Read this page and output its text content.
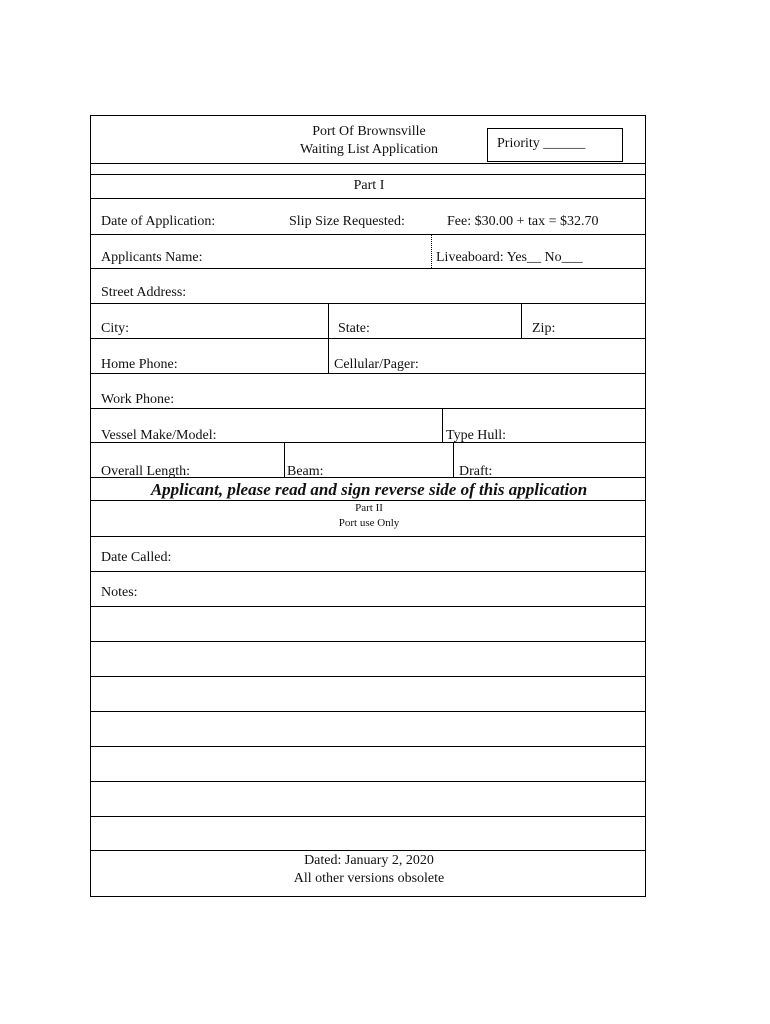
Port Of Brownsville
Waiting List Application	Priority ______
Part I
Date of Application:	Slip Size Requested:	Fee: $30.00 + tax = $32.70
Applicants Name:	Liveaboard: Yes__ No___
Street Address:
City:	State:	Zip:
Home Phone:	Cellular/Pager:
Work Phone:
Vessel Make/Model:	Type Hull:
Overall Length:	Beam:	Draft:
Applicant, please read and sign reverse side of this application
Part II
Port use Only
Date Called:
Notes:
Dated: January 2, 2020
All other versions obsolete
